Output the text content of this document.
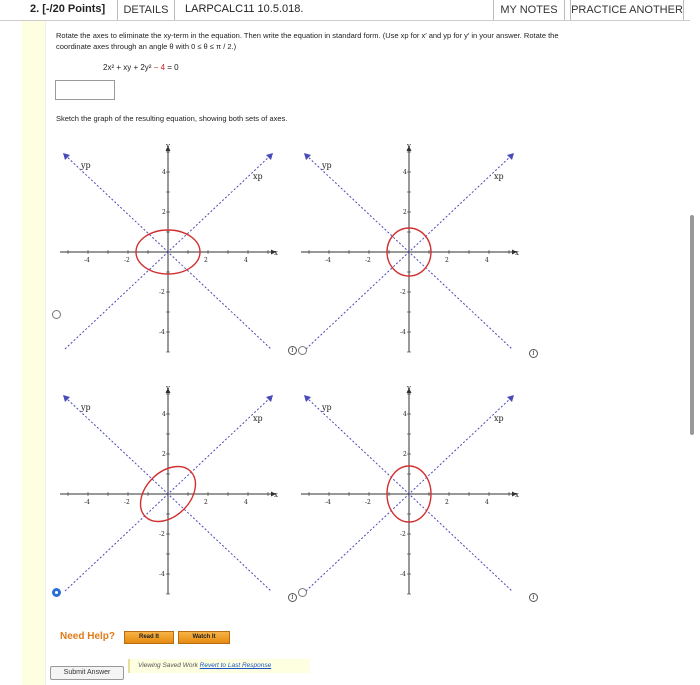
2. [-/20 Points]	DETAILS	LARPCALC11 10.5.018.	MY NOTES	PRACTICE ANOTHER
Rotate the axes to eliminate the xy-term in the equation. Then write the equation in standard form. (Use xp for x′ and yp for y′ in your answer. Rotate the
coordinate axes through an angle θ with 0 ≤ θ ≤ π / 2.)
2x² + xy + 2y² − 4 = 0
Sketch the graph of the resulting equation, showing both sets of axes.
y
x
xp
yp
-4	-2	2	4
4
2
-2
-4
y
x
xp
yp
-4	-2	2	4
4
2
-2
-4
y
x
xp
yp
-4	-2	2	4
4
2
-2
-4
y
x
xp
yp
-4	-2	2	4
4
2
-2
-4
Need Help?	Read It	Watch It
Submit Answer
Viewing Saved Work Revert to Last Response
i
i	i
i
